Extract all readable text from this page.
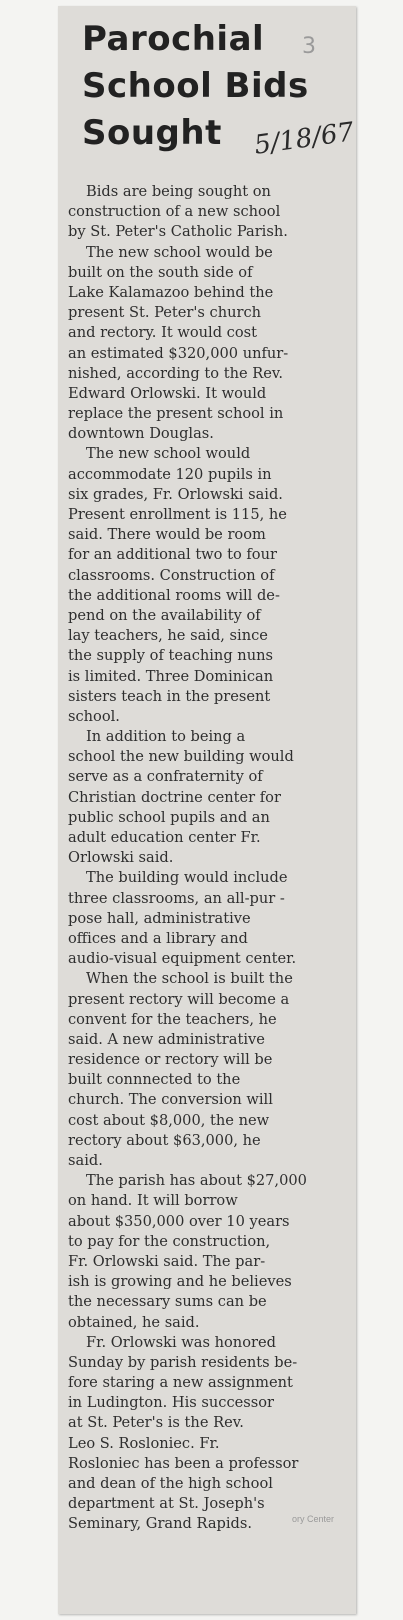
Parochial
School Bids
Sought
3
5/18/67
Bids are being sought on
construction of a new school
by St. Peter's Catholic Parish.
The new school would be
built on the south side of
Lake Kalamazoo behind the
present St. Peter's church
and rectory. It would cost
an estimated $320,000 unfur-
nished, according to the Rev.
Edward Orlowski. It would
replace the present school in
downtown Douglas.
The new school would
accommodate 120 pupils in
six grades, Fr. Orlowski said.
Present enrollment is 115, he
said. There would be room
for an additional two to four
classrooms. Construction of
the additional rooms will de-
pend on the availability of
lay teachers, he said, since
the supply of teaching nuns
is limited. Three Dominican
sisters teach in the present
school.
In addition to being a
school the new building would
serve as a confraternity of
Christian doctrine center for
public school pupils and an
adult education center Fr.
Orlowski said.
The building would include
three classrooms, an all-pur -
pose hall, administrative
offices and a library and
audio-visual equipment center.
When the school is built the
present rectory will become a
convent for the teachers, he
said. A new administrative
residence or rectory will be
built connnected to the
church. The conversion will
cost about $8,000, the new
rectory about $63,000, he
said.
The parish has about $27,000
on hand. It will borrow
about $350,000 over 10 years
to pay for the construction,
Fr. Orlowski said. The par-
ish is growing and he believes
the necessary sums can be
obtained, he said.
Fr. Orlowski was honored
Sunday by parish residents be-
fore staring a new assignment
in Ludington. His successor
at St. Peter's is the Rev.
Leo S. Rosloniec. Fr.
Rosloniec has been a professor
and dean of the high school
department at St. Joseph's
Seminary, Grand Rapids.	ory Center
